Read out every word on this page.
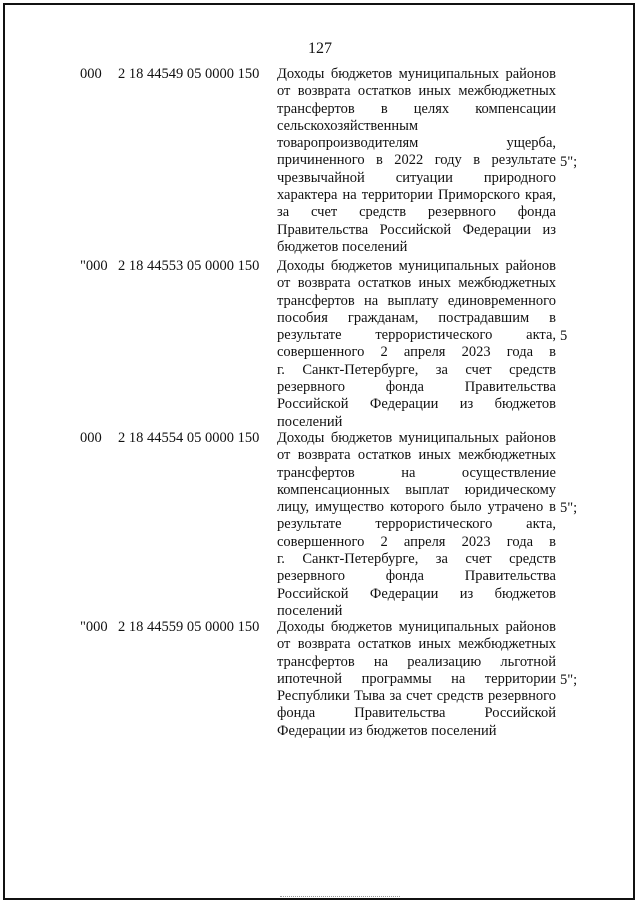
127
000 2 18 44549 05 0000 150 Доходы бюджетов муниципальных районов
от возврата остатков иных межбюджетных
трансфертов в целях компенсации
сельскохозяйственным
товаропроизводителям ущерба,
причиненного в 2022 году в результате
чрезвычайной ситуации природного
характера на территории Приморского края,
за счет средств резервного фонда
Правительства Российской Федерации из
бюджетов поселений
5";
"000 2 18 44553 05 0000 150 Доходы бюджетов муниципальных районов
от возврата остатков иных межбюджетных
трансфертов на выплату единовременного
пособия гражданам, пострадавшим в
результате террористического акта,
совершенного 2 апреля 2023 года в
г. Санкт-Петербурге, за счет средств
резервного фонда Правительства
Российской Федерации из бюджетов
поселений
5
000 2 18 44554 05 0000 150 Доходы бюджетов муниципальных районов
от возврата остатков иных межбюджетных
трансфертов на осуществление
компенсационных выплат юридическому
лицу, имущество которого было утрачено в
результате террористического акта,
совершенного 2 апреля 2023 года в
г. Санкт-Петербурге, за счет средств
резервного фонда Правительства
Российской Федерации из бюджетов
поселений
5";
"000 2 18 44559 05 0000 150 Доходы бюджетов муниципальных районов
от возврата остатков иных межбюджетных
трансфертов на реализацию льготной
ипотечной программы на территории
Республики Тыва за счет средств резервного
фонда Правительства Российской
Федерации из бюджетов поселений
5";
